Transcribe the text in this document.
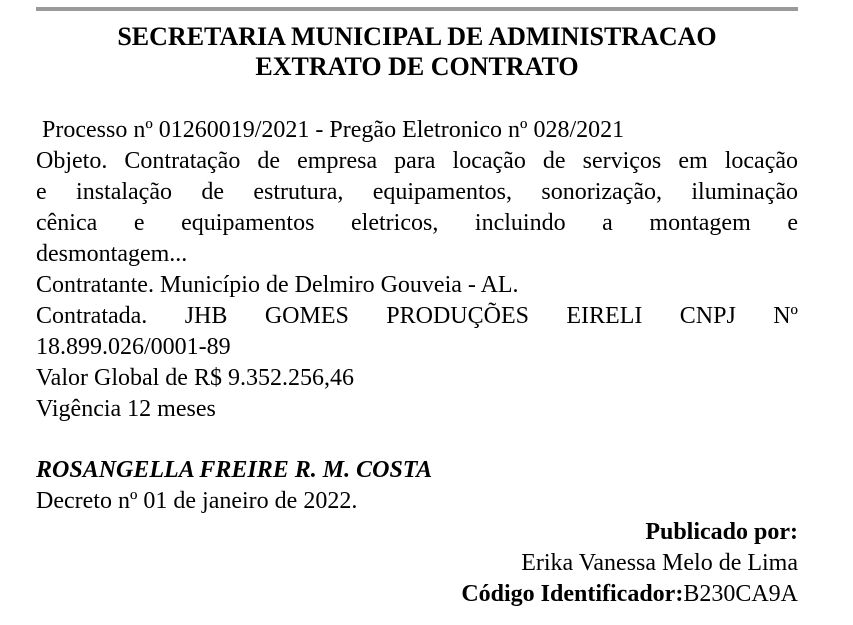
SECRETARIA MUNICIPAL DE ADMINISTRACAO
EXTRATO DE CONTRATO
Processo nº 01260019/2021 - Pregão Eletronico nº 028/2021
Objeto. Contratação de empresa para locação de serviços em locação
e instalação de estrutura, equipamentos, sonorização, iluminação
cênica e equipamentos eletricos, incluindo a montagem e
desmontagem...
Contratante. Município de Delmiro Gouveia - AL.
Contratada. JHB GOMES PRODUÇÕES EIRELI CNPJ Nº
18.899.026/0001-89
Valor Global de R$ 9.352.256,46
Vigência 12 meses
ROSANGELLA FREIRE R. M. COSTA
Decreto nº 01 de janeiro de 2022.
Publicado por:
Erika Vanessa Melo de Lima
Código Identificador:B230CA9A
